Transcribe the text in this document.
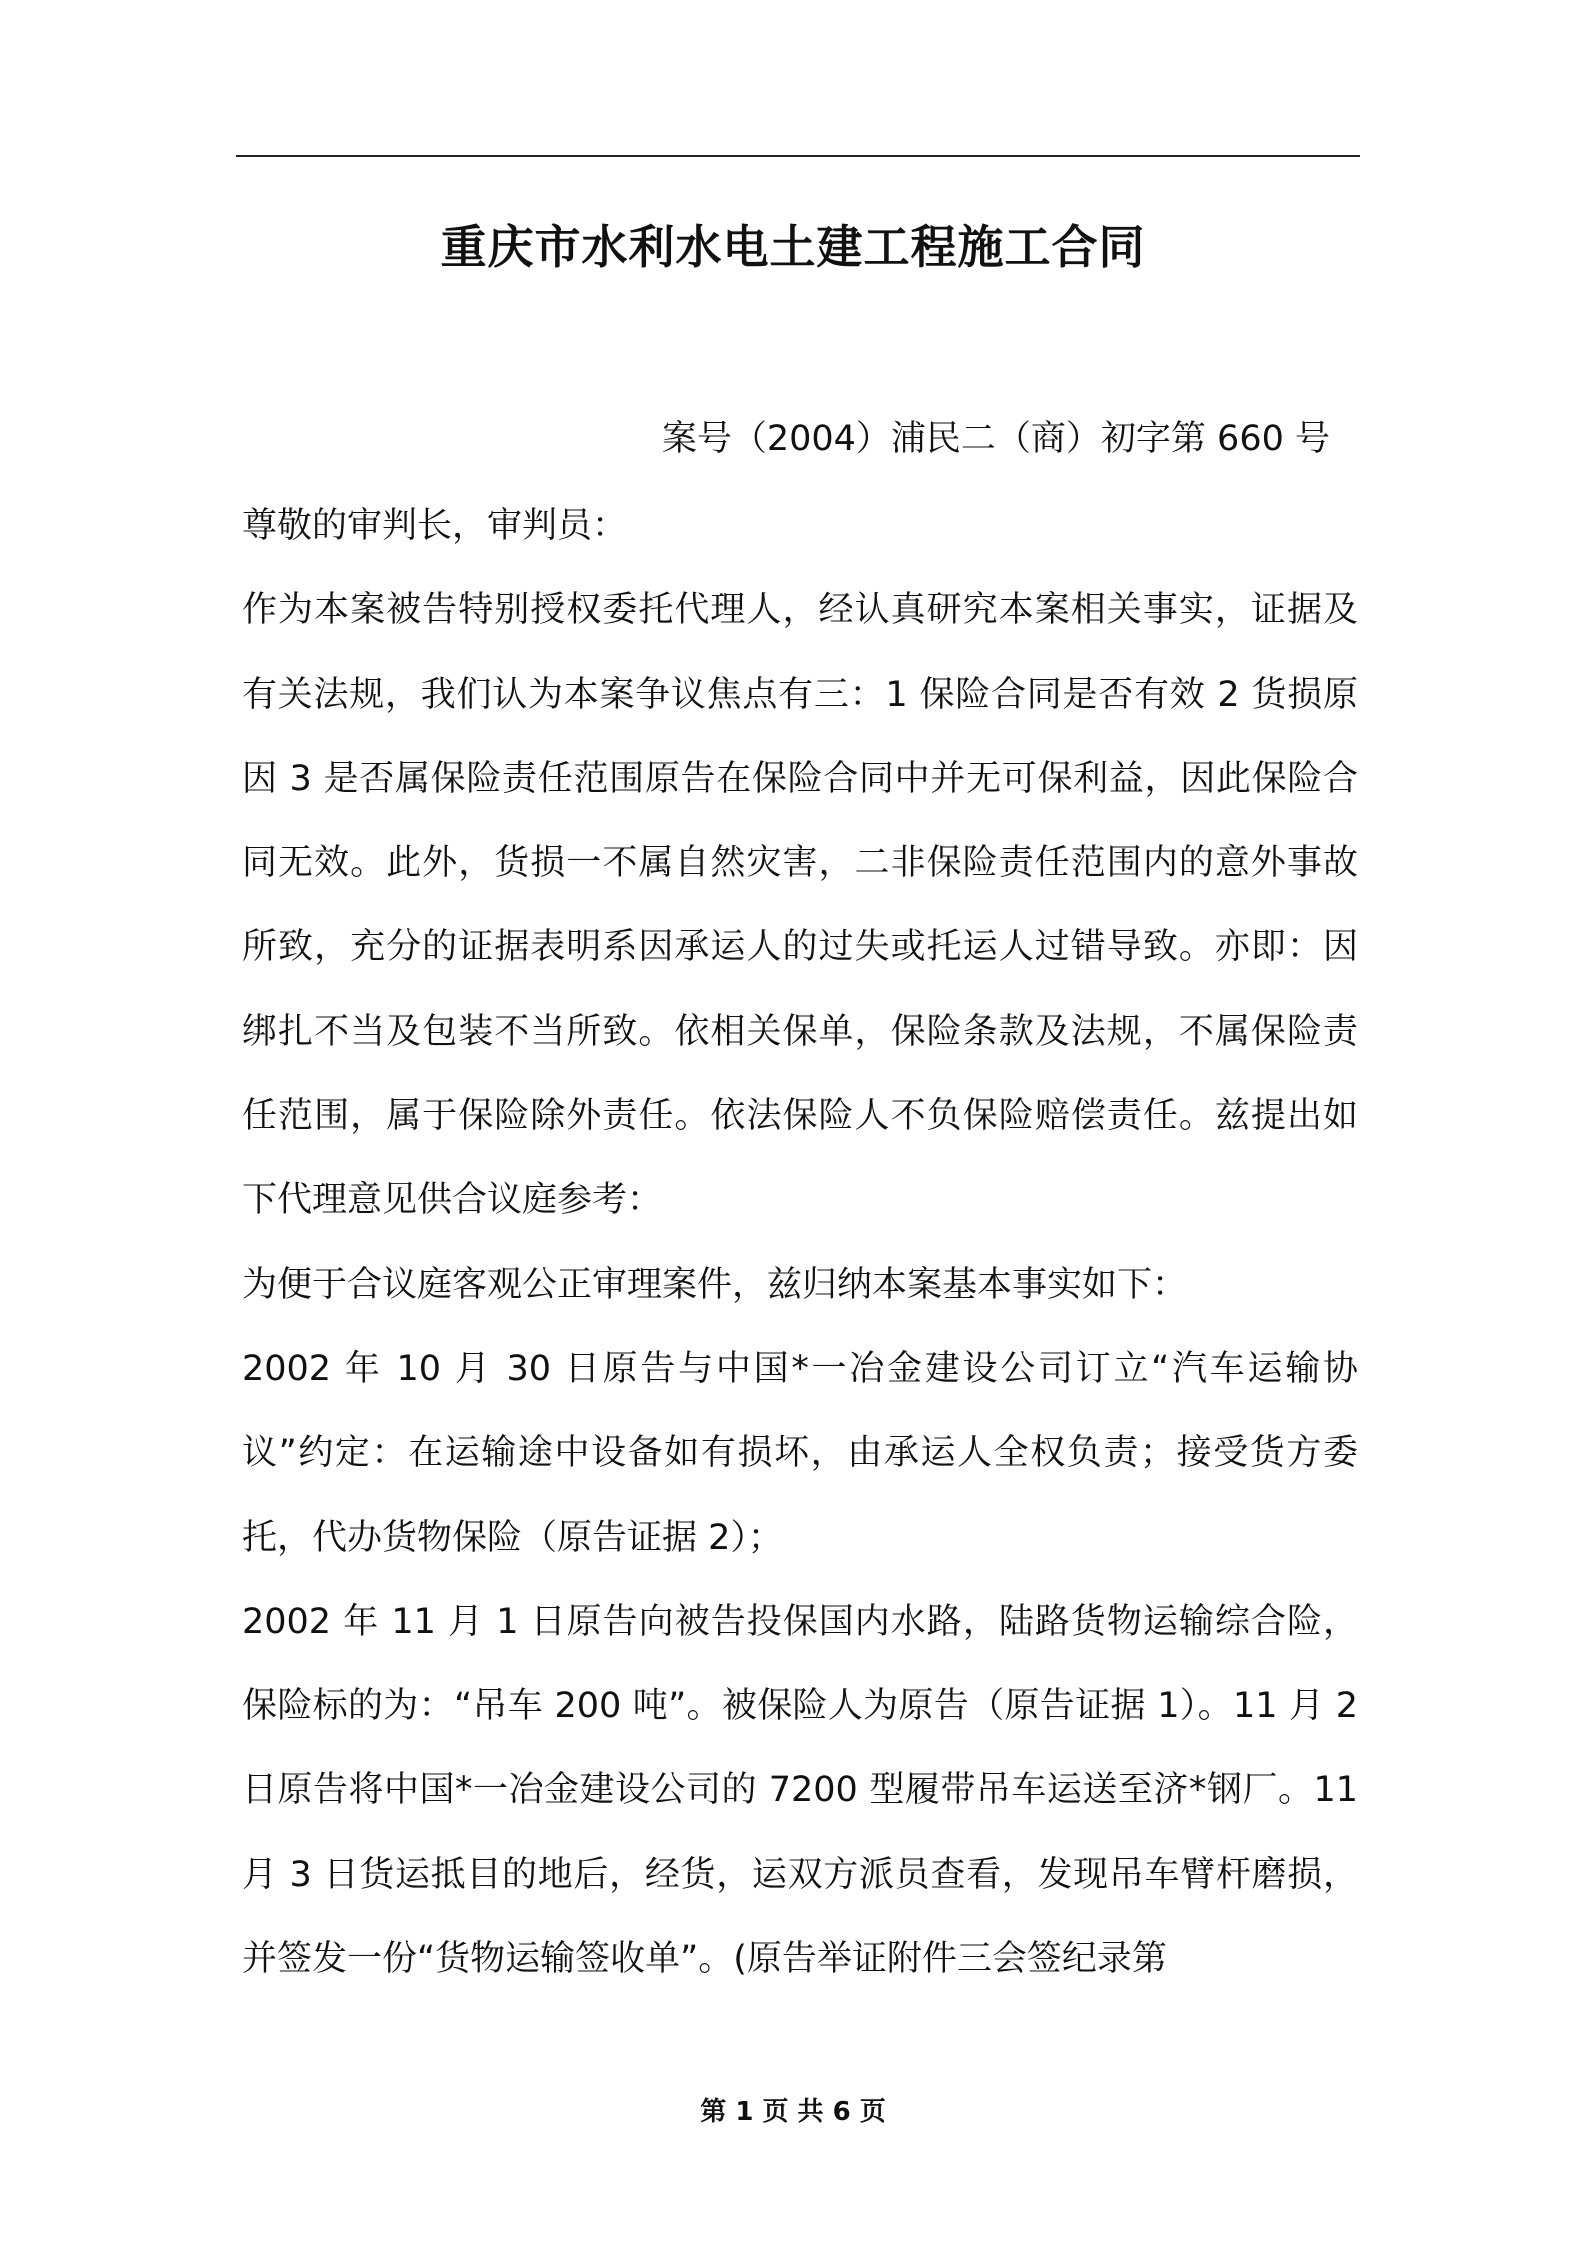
重庆市水利水电土建工程施工合同
案号（2004）浦民二（商）初字第 660 号

尊敬的审判长，审判员：

作为本案被告特别授权委托代理人，经认真研究本案相关事实，证据及有关法规，我们认为本案争议焦点有三：1 保险合同是否有效 2 货损原因 3 是否属保险责任范围原告在保险合同中并无可保利益，因此保险合同无效。此外，货损一不属自然灾害，二非保险责任范围内的意外事故所致，充分的证据表明系因承运人的过失或托运人过错导致。亦即：因绑扎不当及包装不当所致。依相关保单，保险条款及法规，不属保险责任范围，属于保险除外责任。依法保险人不负保险赔偿责任。兹提出如下代理意见供合议庭参考：

为便于合议庭客观公正审理案件，兹归纳本案基本事实如下：

2002 年 10 月 30 日原告与中国*一冶金建设公司订立“汽车运输协议”约定：在运输途中设备如有损坏，由承运人全权负责；接受货方委托，代办货物保险（原告证据 2）；

2002 年 11 月 1 日原告向被告投保国内水路，陆路货物运输综合险，保险标的为：“吊车 200 吨”。被保险人为原告（原告证据 1）。11 月 2 日原告将中国*一冶金建设公司的 7200 型履带吊车运送至济*钢厂。11 月 3 日货运抵目的地后，经货，运双方派员查看，发现吊车臂杆磨损，并签发一份“货物运输签收单”。(原告举证附件三会签纪录第

第 1 页 共 6 页
